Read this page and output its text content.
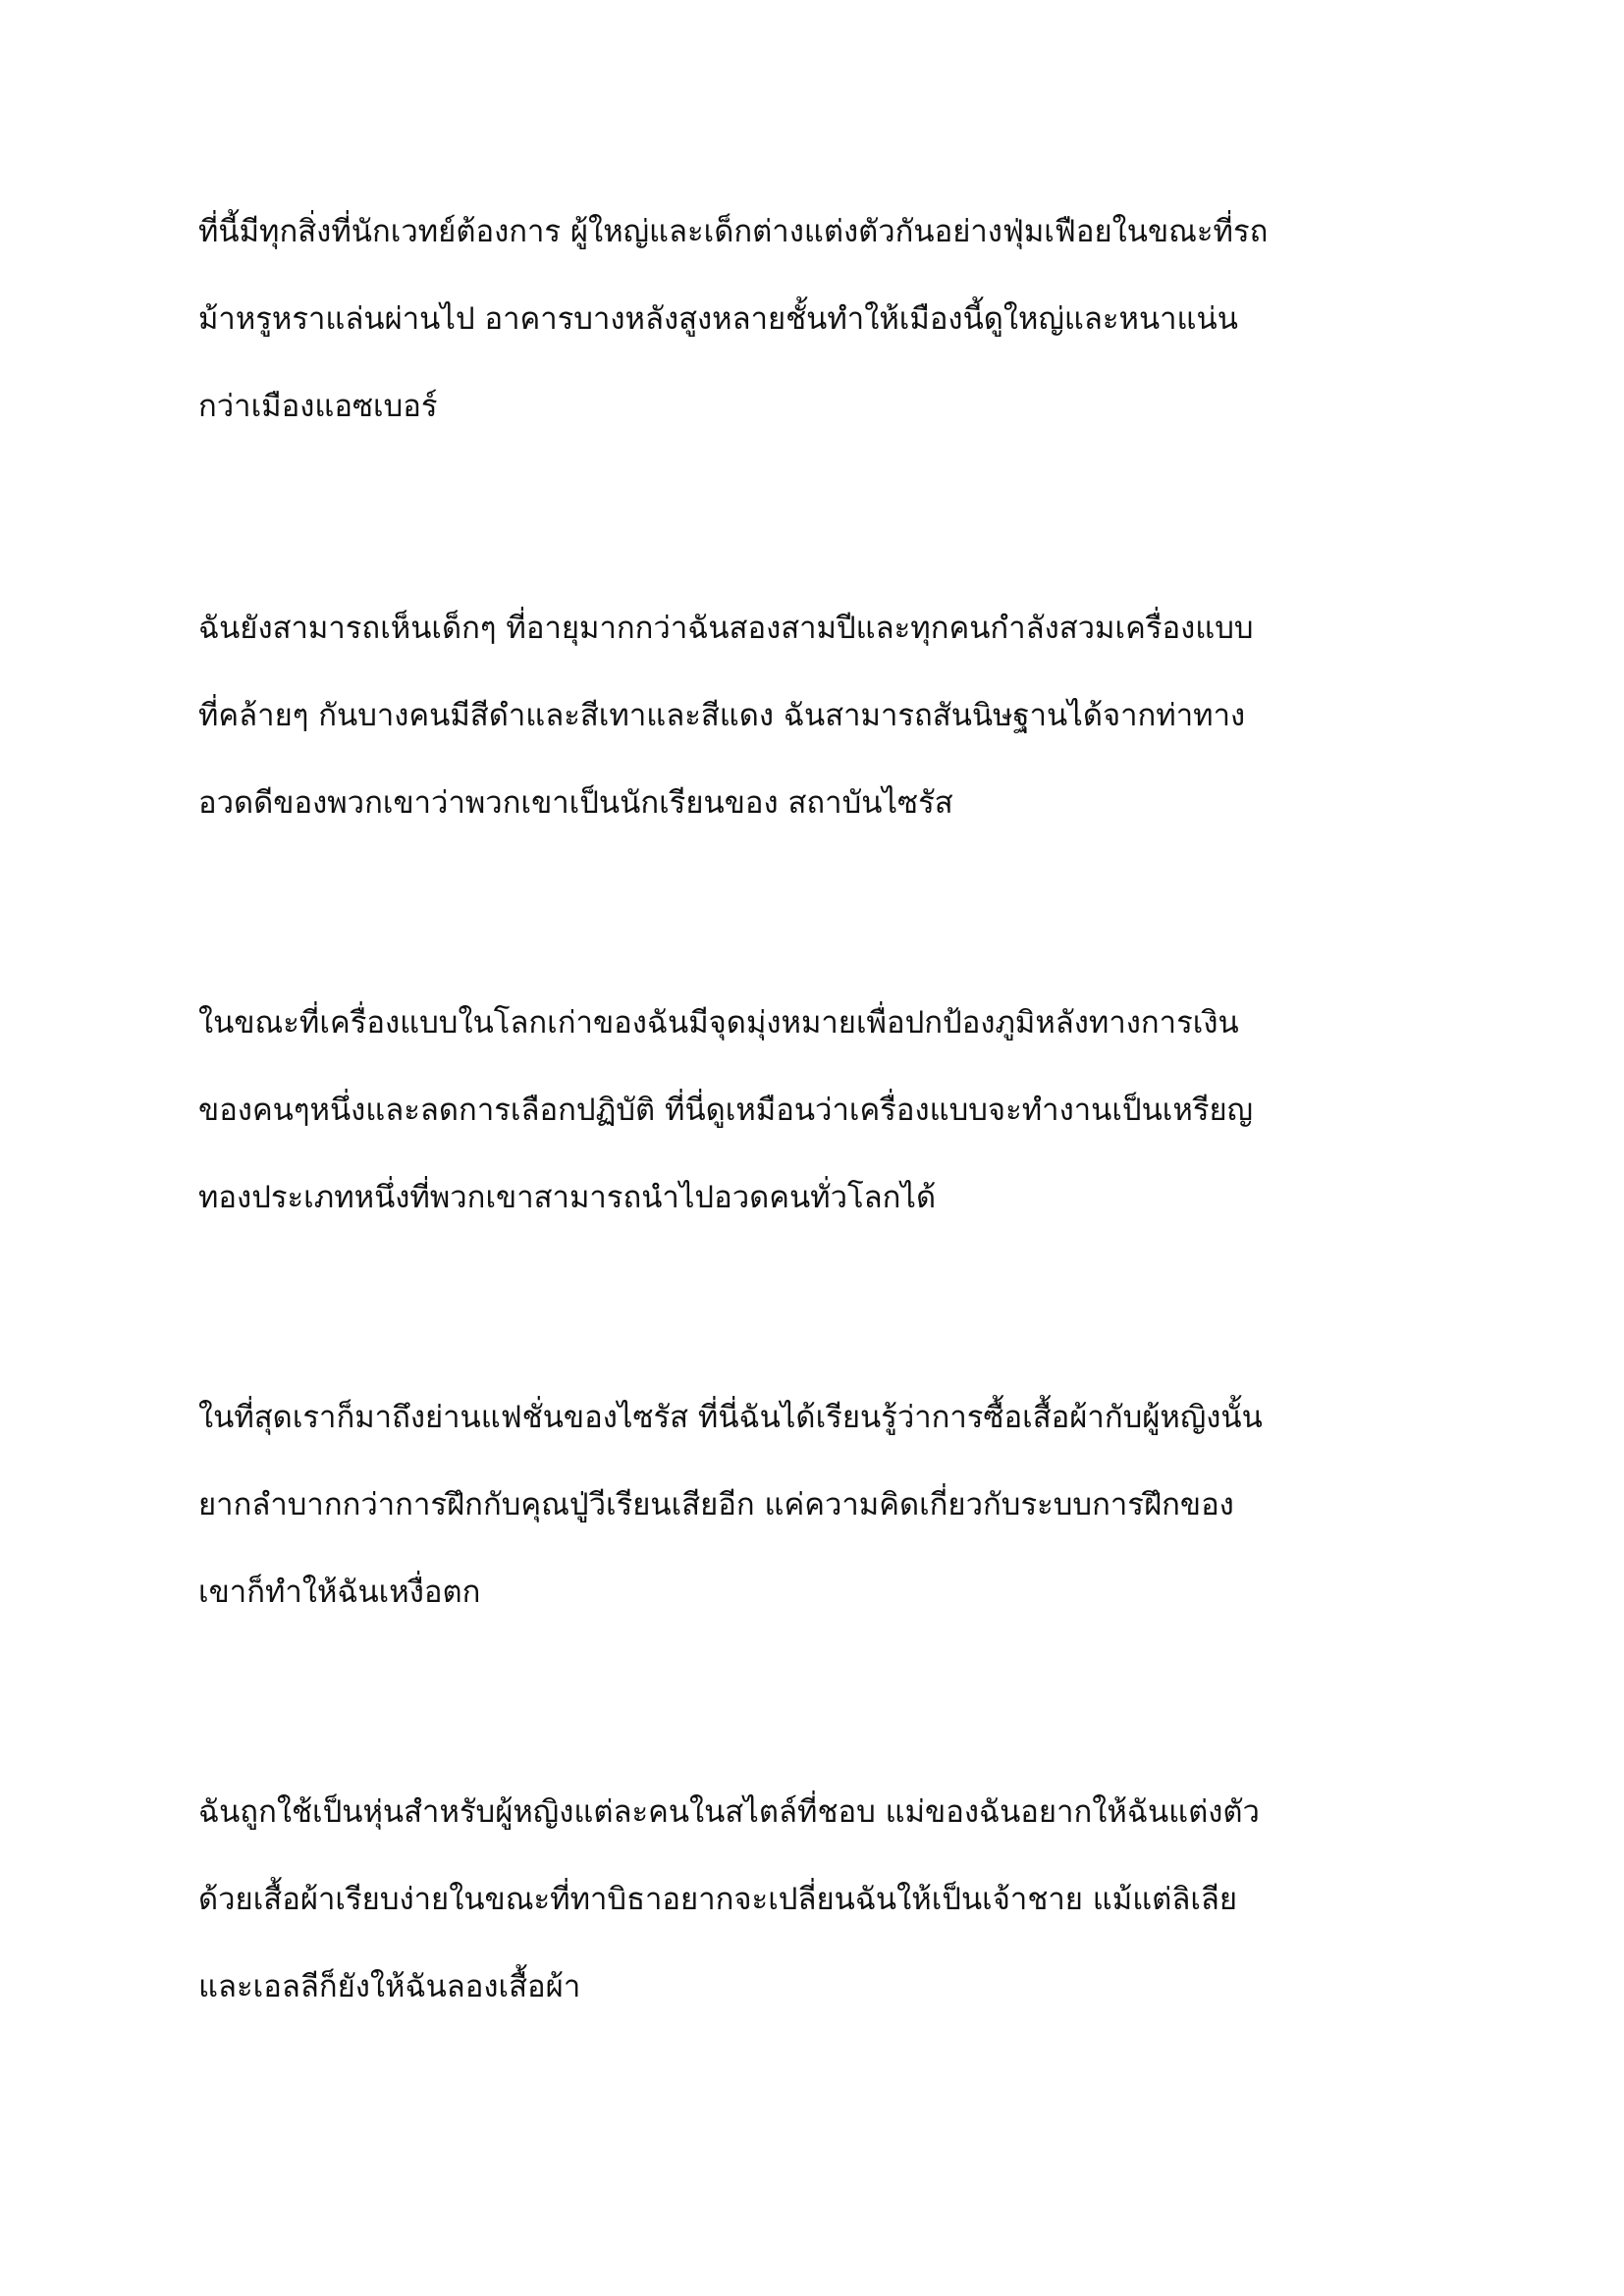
ที่นี้มีทุกสิ่งที่นักเวทย์ต้องการ ผู้ใหญ่และเด็กต่างแต่งตัวกันอย่างฟุ่มเฟือยในขณะที่รถ
ม้าหรูหราแล่นผ่านไป อาคารบางหลังสูงหลายชั้นทำให้เมืองนี้ดูใหญ่และหนาแน่น
กว่าเมืองแอซเบอร์
ฉันยังสามารถเห็นเด็กๆ ที่อายุมากกว่าฉันสองสามปีและทุกคนกำลังสวมเครื่องแบบ
ที่คล้ายๆ กันบางคนมีสีดำและสีเทาและสีแดง ฉันสามารถสันนิษฐานได้จากท่าทาง
อวดดีของพวกเขาว่าพวกเขาเป็นนักเรียนของ สถาบันไซรัส
ในขณะที่เครื่องแบบในโลกเก่าของฉันมีจุดมุ่งหมายเพื่อปกป้องภูมิหลังทางการเงิน
ของคนๆหนึ่งและลดการเลือกปฏิบัติ ที่นี่ดูเหมือนว่าเครื่องแบบจะทำงานเป็นเหรียญ
ทองประเภทหนึ่งที่พวกเขาสามารถนำไปอวดคนทั่วโลกได้
ในที่สุดเราก็มาถึงย่านแฟชั่นของไซรัส ที่นี่ฉันได้เรียนรู้ว่าการซื้อเสื้อผ้ากับผู้หญิงนั้น
ยากลำบากกว่าการฝึกกับคุณปู่วีเรียนเสียอีก แค่ความคิดเกี่ยวกับระบบการฝึกของ
เขาก็ทำให้ฉันเหงื่อตก
ฉันถูกใช้เป็นหุ่นสำหรับผู้หญิงแต่ละคนในสไตล์ที่ชอบ แม่ของฉันอยากให้ฉันแต่งตัว
ด้วยเสื้อผ้าเรียบง่ายในขณะที่ทาบิธาอยากจะเปลี่ยนฉันให้เป็นเจ้าชาย แม้แต่ลิเลีย
และเอลลีก็ยังให้ฉันลองเสื้อผ้า
